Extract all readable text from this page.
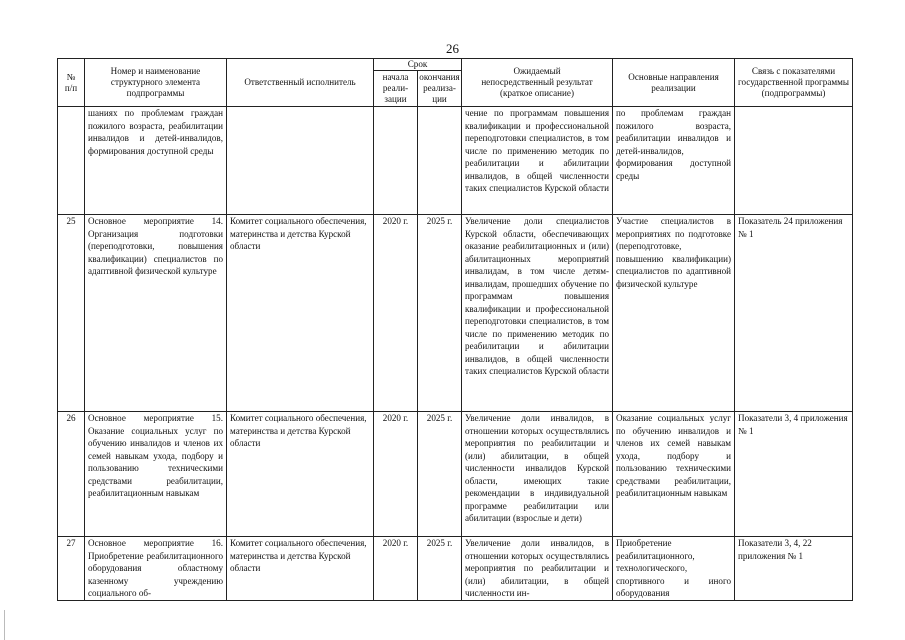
26
№
п/п	Номер и наименование структурного элемента подпрограммы	Ответственный исполнитель	Срок		Ожидаемый
непосредственный результат
(краткое описание)	Основные направления реализации	Связь с показателями государственной программы (подпрограммы)
			начала
реали-
зации	окончания
реализа-
ции			
	шаниях по проблемам граждан пожилого возраста, реабилитации инвалидов и детей-инвалидов, формирования доступной среды				чение по программам повышения квалификации и профессиональной переподготовки специалистов, в том числе по применению методик по реабилитации и абилитации инвалидов, в общей численности таких специалистов Курской области	по проблемам граждан пожилого возраста, реабилитации инвалидов и детей-инвалидов, формирования доступной среды	
25	Основное мероприятие 14. Организация подготовки (переподготовки, повышения квалификации) специалистов по адаптивной физической культуре	Комитет социального обеспечения, материнства и детства Курской области	2020 г.	2025 г.	Увеличение доли специалистов Курской области, обеспечивающих оказание реабилитационных и (или) абилитационных мероприятий инвалидам, в том числе детям-инвалидам, прошедших обучение по программам повышения квалификации и профессиональной переподготовки специалистов, в том числе по применению методик по реабилитации и абилитации инвалидов, в общей численности таких специалистов Курской области	Участие специалистов в мероприятиях по подготовке (переподготовке, повышению квалификации) специалистов по адаптивной физической культуре	Показатель 24 приложения № 1
26	Основное мероприятие 15. Оказание социальных услуг по обучению инвалидов и членов их семей навыкам ухода, подбору и пользованию техническими средствами реабилитации, реабилитационным навыкам	Комитет социального обеспечения, материнства и детства Курской области	2020 г.	2025 г.	Увеличение доли инвалидов, в отношении которых осуществлялись мероприятия по реабилитации и (или) абилитации, в общей численности инвалидов Курской области, имеющих такие рекомендации в индивидуальной программе реабилитации или абилитации (взрослые и дети)	Оказание социальных услуг по обучению инвалидов и членов их семей навыкам ухода, подбору и пользованию техническими средствами реабилитации, реабилитационным навыкам	Показатели 3, 4 приложения № 1
27	Основное мероприятие 16. Приобретение реабилитационного оборудования областному казенному учреждению социального об-	Комитет социального обеспечения, материнства и детства Курской области	2020 г.	2025 г.	Увеличение доли инвалидов, в отношении которых осуществлялись мероприятия по реабилитации и (или) абилитации, в общей численности ин-	Приобретение реабилитационного, технологического, спортивного и иного оборудования	Показатели 3, 4, 22 приложения № 1
